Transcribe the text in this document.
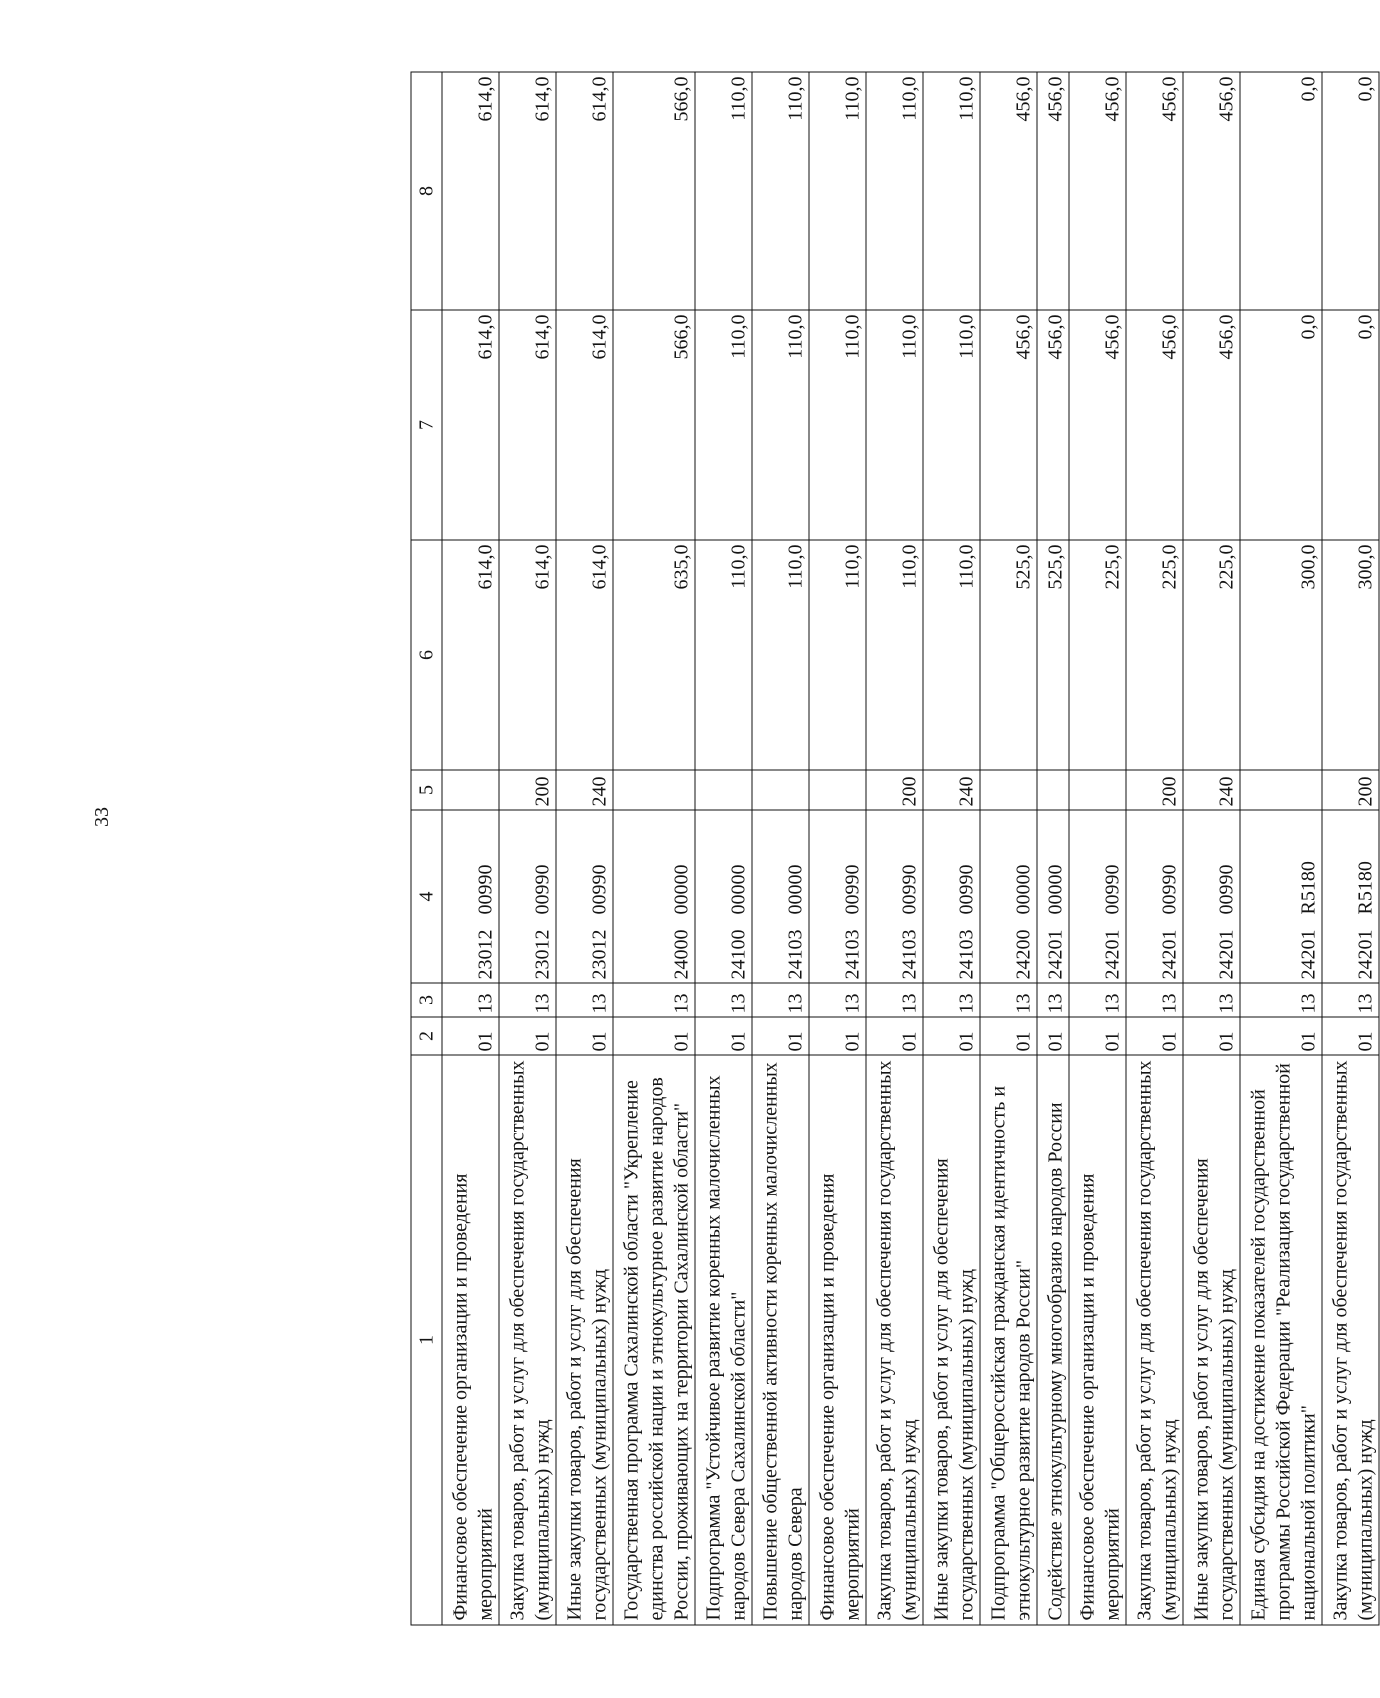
33
1	2	3	4	5	6	7	8
Финансовое обеспечение организации и проведения мероприятий	01	13	23012   00990		614,0	614,0	614,0
Закупка товаров, работ и услуг для обеспечения государственных (муниципальных) нужд	01	13	23012   00990	200	614,0	614,0	614,0
Иные закупки товаров, работ и услуг для обеспечения государственных (муниципальных) нужд	01	13	23012   00990	240	614,0	614,0	614,0
Государственная программа Сахалинской области "Укрепление единства российской нации и этнокультурное развитие народов России, проживающих на территории Сахалинской области"	01	13	24000   00000		635,0	566,0	566,0
Подпрограмма "Устойчивое развитие коренных малочисленных народов Севера Сахалинской области"	01	13	24100   00000		110,0	110,0	110,0
Повышение общественной активности коренных малочисленных народов Севера	01	13	24103   00000		110,0	110,0	110,0
Финансовое обеспечение организации и проведения мероприятий	01	13	24103   00990		110,0	110,0	110,0
Закупка товаров, работ и услуг для обеспечения государственных (муниципальных) нужд	01	13	24103   00990	200	110,0	110,0	110,0
Иные закупки товаров, работ и услуг для обеспечения государственных (муниципальных) нужд	01	13	24103   00990	240	110,0	110,0	110,0
Подпрограмма "Общероссийская гражданская идентичность и этнокультурное развитие народов России"	01	13	24200   00000		525,0	456,0	456,0
Содействие этнокультурному многообразию народов России	01	13	24201   00000		525,0	456,0	456,0
Финансовое обеспечение организации и проведения мероприятий	01	13	24201   00990		225,0	456,0	456,0
Закупка товаров, работ и услуг для обеспечения государственных (муниципальных) нужд	01	13	24201   00990	200	225,0	456,0	456,0
Иные закупки товаров, работ и услуг для обеспечения государственных (муниципальных) нужд	01	13	24201   00990	240	225,0	456,0	456,0
Единая субсидия на достижение показателей государственной программы Российской Федерации "Реализация государственной национальной политики"	01	13	24201   R5180		300,0	0,0	0,0
Закупка товаров, работ и услуг для обеспечения государственных (муниципальных) нужд	01	13	24201   R5180	200	300,0	0,0	0,0
